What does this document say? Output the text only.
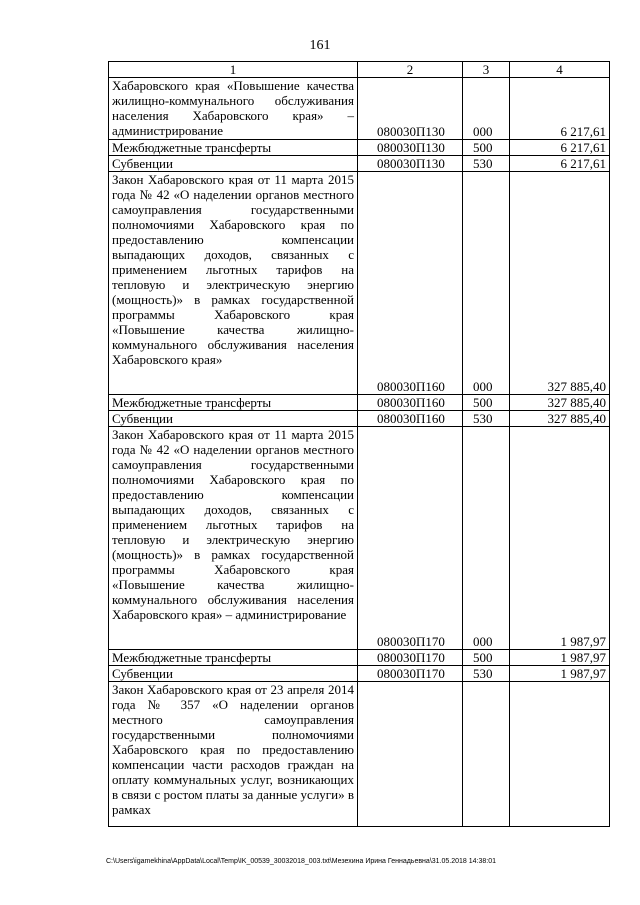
161
1	2	3	4
Хабаровского края «Повышение качества жилищно-коммунального обслуживания населения Хабаровского края» – администрирование	080030П130	000	6 217,61
Межбюджетные трансферты	080030П130	500	6 217,61
Субвенции	080030П130	530	6 217,61
Закон Хабаровского края от 11 марта 2015 года № 42 «О наделении органов местного самоуправления государственными полномочиями Хабаровского края по предоставлению компенсации выпадающих доходов, связанных с применением льготных тарифов на тепловую и электрическую энергию (мощность)» в рамках государственной программы Хабаровского края «Повышение качества жилищно-коммунального обслуживания населения Хабаровского края»	080030П160	000	327 885,40
Межбюджетные трансферты	080030П160	500	327 885,40
Субвенции	080030П160	530	327 885,40
Закон Хабаровского края от 11 марта 2015 года № 42 «О наделении органов местного самоуправления государственными полномочиями Хабаровского края по предоставлению компенсации выпадающих доходов, связанных с применением льготных тарифов на тепловую и электрическую энергию (мощность)» в рамках государственной программы Хабаровского края «Повышение качества жилищно-коммунального обслуживания населения Хабаровского края» – администрирование	080030П170	000	1 987,97
Межбюджетные трансферты	080030П170	500	1 987,97
Субвенции	080030П170	530	1 987,97
Закон Хабаровского края от 23 апреля 2014 года № 357 «О наделении органов местного самоуправления государственными полномочиями Хабаровского края по предоставлению компенсации части расходов граждан на оплату коммунальных услуг, возникающих в связи с ростом платы за данные услуги» в рамках			
C:\Users\igamekhina\AppData\Local\Temp\IK_00539_30032018_003.txt\Мезехина Ирина Геннадьевна\31.05.2018 14:38:01
